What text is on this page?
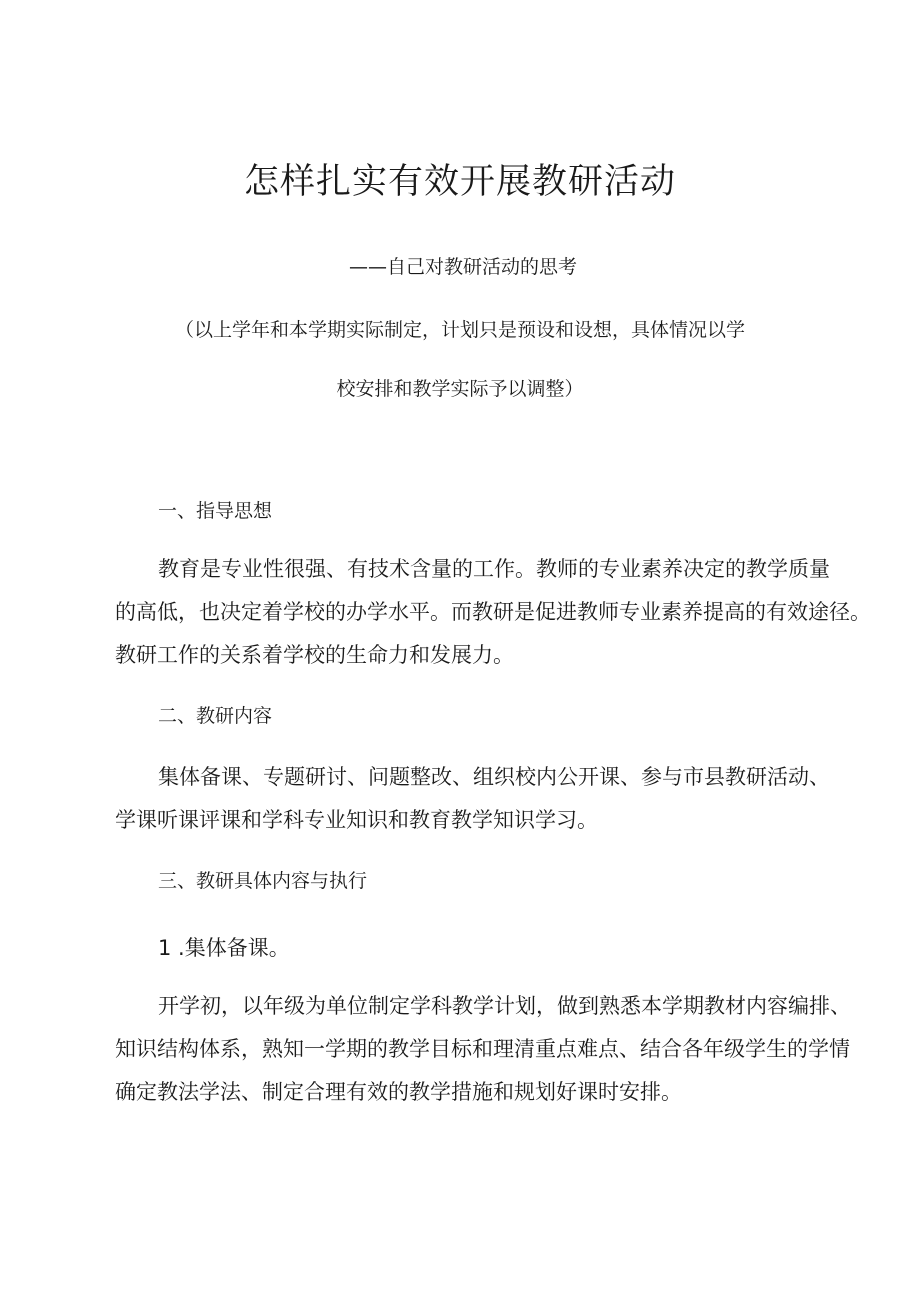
怎样扎实有效开展教研活动
——自己对教研活动的思考
（以上学年和本学期实际制定，计划只是预设和设想，具体情况以学
校安排和教学实际予以调整）
一、指导思想
教育是专业性很强、有技术含量的工作。教师的专业素养决定的教学质量
的高低，也决定着学校的办学水平。而教研是促进教师专业素养提高的有效途径。
教研工作的关系着学校的生命力和发展力。
二、教研内容
集体备课、专题研讨、问题整改、组织校内公开课、参与市县教研活动、
学课听课评课和学科专业知识和教育教学知识学习。
三、教研具体内容与执行
1 .集体备课。
开学初，以年级为单位制定学科教学计划，做到熟悉本学期教材内容编排、
知识结构体系，熟知一学期的教学目标和理清重点难点、结合各年级学生的学情
确定教法学法、制定合理有效的教学措施和规划好课时安排。
